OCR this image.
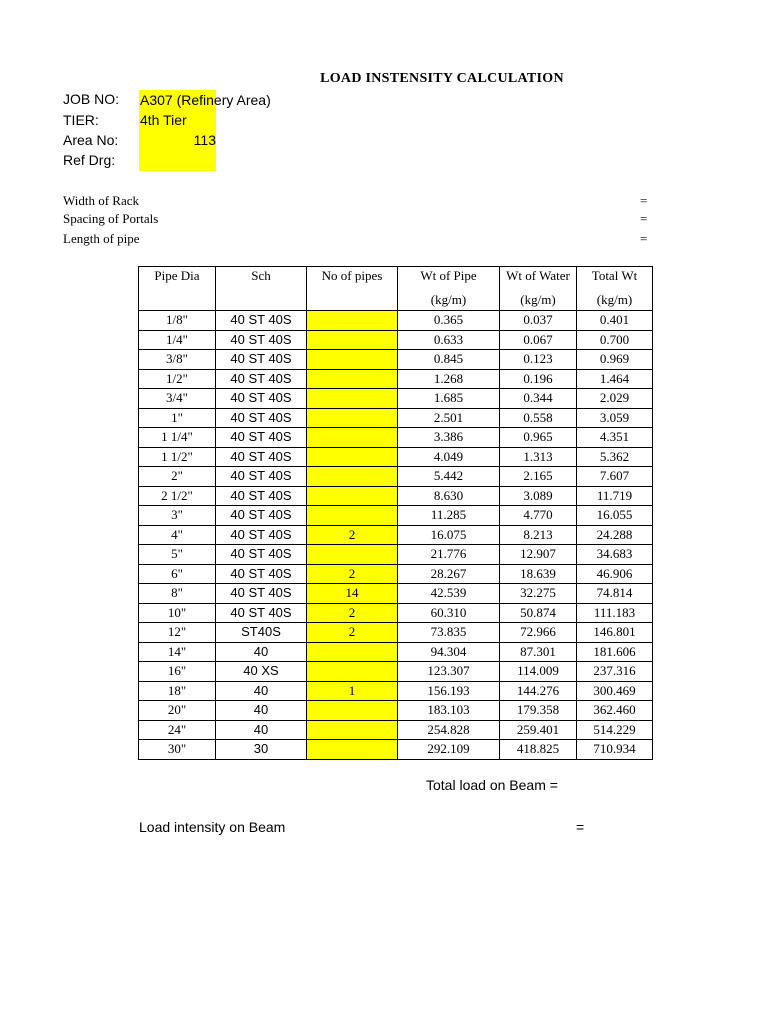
LOAD INSTENSITY CALCULATION
JOB NO: A307 (Refinery Area)
TIER:	4th Tier
Area No:	113
Ref Drg:
Width of Rack	=
Spacing of Portals	=
Length of pipe	=
Pipe Dia	Sch	No of pipes	Wt of Pipe	Wt of Water	Total Wt
			(kg/m)	(kg/m)	(kg/m)
1/8"	40 ST 40S		0.365	0.037	0.401
1/4"	40 ST 40S		0.633	0.067	0.700
3/8"	40 ST 40S		0.845	0.123	0.969
1/2"	40 ST 40S		1.268	0.196	1.464
3/4"	40 ST 40S		1.685	0.344	2.029
1"	40 ST 40S		2.501	0.558	3.059
1 1/4"	40 ST 40S		3.386	0.965	4.351
1 1/2"	40 ST 40S		4.049	1.313	5.362
2"	40 ST 40S		5.442	2.165	7.607
2 1/2"	40 ST 40S		8.630	3.089	11.719
3"	40 ST 40S		11.285	4.770	16.055
4"	40 ST 40S	2	16.075	8.213	24.288
5"	40 ST 40S		21.776	12.907	34.683
6"	40 ST 40S	2	28.267	18.639	46.906
8"	40 ST 40S	14	42.539	32.275	74.814
10"	40 ST 40S	2	60.310	50.874	111.183
12"	ST40S	2	73.835	72.966	146.801
14"	40		94.304	87.301	181.606
16"	40 XS		123.307	114.009	237.316
18"	40	1	156.193	144.276	300.469
20"	40		183.103	179.358	362.460
24"	40		254.828	259.401	514.229
30"	30		292.109	418.825	710.934
Total load on Beam =
Load intensity on Beam	=
